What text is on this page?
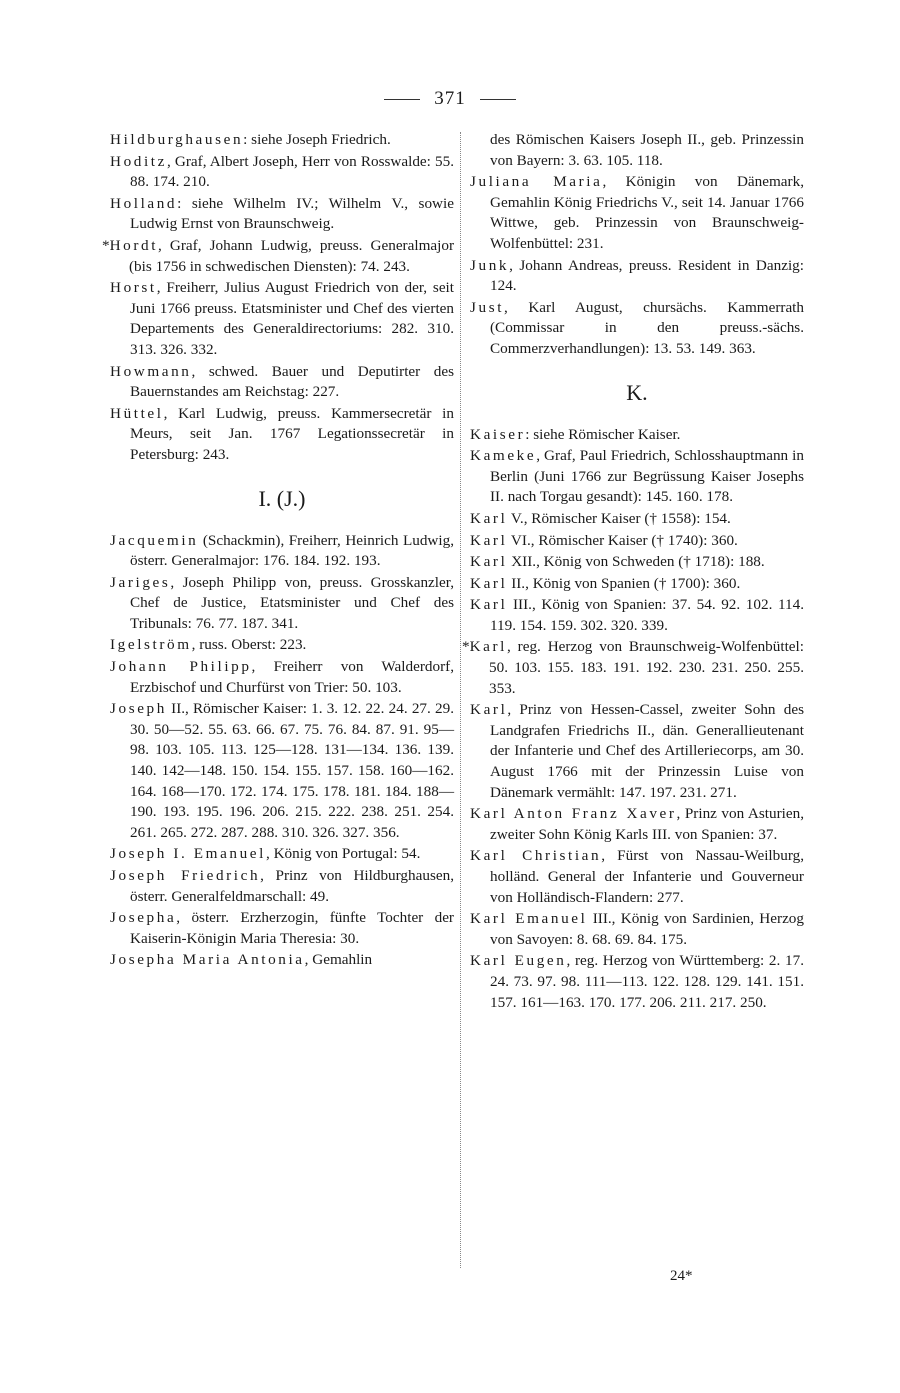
371
Hildburghausen: siehe Joseph Friedrich.
Hoditz, Graf, Albert Joseph, Herr von Rosswalde: 55. 88. 174. 210.
Holland: siehe Wilhelm IV.; Wilhelm V., sowie Ludwig Ernst von Braunschweig.
*Hordt, Graf, Johann Ludwig, preuss. Generalmajor (bis 1756 in schwedischen Diensten): 74. 243.
Horst, Freiherr, Julius August Friedrich von der, seit Juni 1766 preuss. Etatsminister und Chef des vierten Departements des Generaldirectoriums: 282. 310. 313. 326. 332.
Howmann, schwed. Bauer und Deputirter des Bauernstandes am Reichstag: 227.
Hüttel, Karl Ludwig, preuss. Kammersecretär in Meurs, seit Jan. 1767 Legationssecretär in Petersburg: 243.
I. (J.)
Jacquemin (Schackmin), Freiherr, Heinrich Ludwig, österr. Generalmajor: 176. 184. 192. 193.
Jariges, Joseph Philipp von, preuss. Grosskanzler, Chef de Justice, Etatsminister und Chef des Tribunals: 76. 77. 187. 341.
Igelström, russ. Oberst: 223.
Johann Philipp, Freiherr von Walderdorf, Erzbischof und Churfürst von Trier: 50. 103.
Joseph II., Römischer Kaiser: 1. 3. 12. 22. 24. 27. 29. 30. 50—52. 55. 63. 66. 67. 75. 76. 84. 87. 91. 95—98. 103. 105. 113. 125—128. 131—134. 136. 139. 140. 142—148. 150. 154. 155. 157. 158. 160—162. 164. 168—170. 172. 174. 175. 178. 181. 184. 188—190. 193. 195. 196. 206. 215. 222. 238. 251. 254. 261. 265. 272. 287. 288. 310. 326. 327. 356.
Joseph I. Emanuel, König von Portugal: 54.
Joseph Friedrich, Prinz von Hildburghausen, österr. Generalfeldmarschall: 49.
Josepha, österr. Erzherzogin, fünfte Tochter der Kaiserin-Königin Maria Theresia: 30.
Josepha Maria Antonia, Gemahlin
des Römischen Kaisers Joseph II., geb. Prinzessin von Bayern: 3. 63. 105. 118.
Juliana Maria, Königin von Dänemark, Gemahlin König Friedrichs V., seit 14. Januar 1766 Wittwe, geb. Prinzessin von Braunschweig-Wolfenbüttel: 231.
Junk, Johann Andreas, preuss. Resident in Danzig: 124.
Just, Karl August, chursächs. Kammerrath (Commissar in den preuss.-sächs. Commerzverhandlungen): 13. 53. 149. 363.
K.
Kaiser: siehe Römischer Kaiser.
Kameke, Graf, Paul Friedrich, Schlosshauptmann in Berlin (Juni 1766 zur Begrüssung Kaiser Josephs II. nach Torgau gesandt): 145. 160. 178.
Karl V., Römischer Kaiser († 1558): 154.
Karl VI., Römischer Kaiser († 1740): 360.
Karl XII., König von Schweden († 1718): 188.
Karl II., König von Spanien († 1700): 360.
Karl III., König von Spanien: 37. 54. 92. 102. 114. 119. 154. 159. 302. 320. 339.
*Karl, reg. Herzog von Braunschweig-Wolfenbüttel: 50. 103. 155. 183. 191. 192. 230. 231. 250. 255. 353.
Karl, Prinz von Hessen-Cassel, zweiter Sohn des Landgrafen Friedrichs II., dän. Generallieutenant der Infanterie und Chef des Artilleriecorps, am 30. August 1766 mit der Prinzessin Luise von Dänemark vermählt: 147. 197. 231. 271.
Karl Anton Franz Xaver, Prinz von Asturien, zweiter Sohn König Karls III. von Spanien: 37.
Karl Christian, Fürst von Nassau-Weilburg, holländ. General der Infanterie und Gouverneur von Holländisch-Flandern: 277.
Karl Emanuel III., König von Sardinien, Herzog von Savoyen: 8. 68. 69. 84. 175.
Karl Eugen, reg. Herzog von Württemberg: 2. 17. 24. 73. 97. 98. 111—113. 122. 128. 129. 141. 151. 157. 161—163. 170. 177. 206. 211. 217. 250.
24*
